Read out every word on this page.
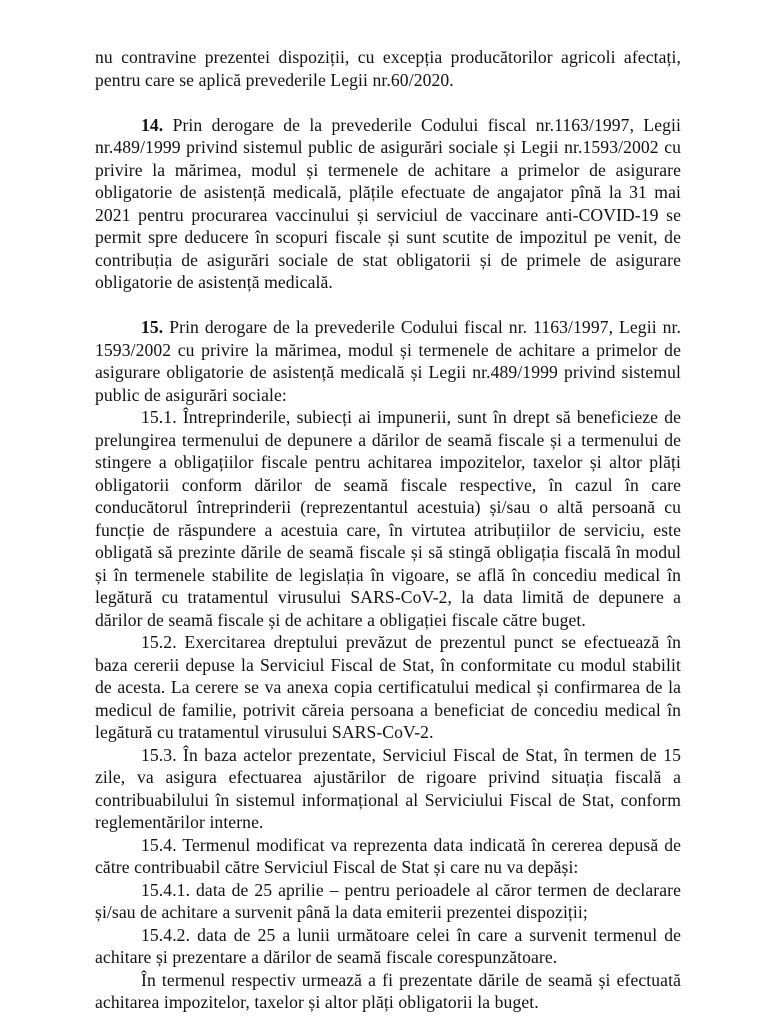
nu contravine prezentei dispoziții, cu excepția producătorilor agricoli afectați, pentru care se aplică prevederile Legii nr.60/2020.

14. Prin derogare de la prevederile Codului fiscal nr.1163/1997, Legii nr.489/1999 privind sistemul public de asigurări sociale și Legii nr.1593/2002 cu privire la mărimea, modul și termenele de achitare a primelor de asigurare obligatorie de asistență medicală, plățile efectuate de angajator pînă la 31 mai 2021 pentru procurarea vaccinului și serviciul de vaccinare anti-COVID-19 se permit spre deducere în scopuri fiscale și sunt scutite de impozitul pe venit, de contribuția de asigurări sociale de stat obligatorii și de primele de asigurare obligatorie de asistență medicală.

15. Prin derogare de la prevederile Codului fiscal nr. 1163/1997, Legii nr. 1593/2002 cu privire la mărimea, modul și termenele de achitare a primelor de asigurare obligatorie de asistență medicală și Legii nr.489/1999 privind sistemul public de asigurări sociale:

15.1. Întreprinderile, subiecți ai impunerii, sunt în drept să beneficieze de prelungirea termenului de depunere a dărilor de seamă fiscale și a termenului de stingere a obligațiilor fiscale pentru achitarea impozitelor, taxelor și altor plăți obligatorii conform dărilor de seamă fiscale respective, în cazul în care conducătorul întreprinderii (reprezentantul acestuia) și/sau o altă persoană cu funcție de răspundere a acestuia care, în virtutea atribuțiilor de serviciu, este obligată să prezinte dările de seamă fiscale și să stingă obligația fiscală în modul și în termenele stabilite de legislația în vigoare, se află în concediu medical în legătură cu tratamentul virusului SARS-CoV-2, la data limită de depunere a dărilor de seamă fiscale și de achitare a obligației fiscale către buget.

15.2. Exercitarea dreptului prevăzut de prezentul punct se efectuează în baza cererii depuse la Serviciul Fiscal de Stat, în conformitate cu modul stabilit de acesta. La cerere se va anexa copia certificatului medical și confirmarea de la medicul de familie, potrivit căreia persoana a beneficiat de concediu medical în legătură cu tratamentul virusului SARS-CoV-2.

15.3. În baza actelor prezentate, Serviciul Fiscal de Stat, în termen de 15 zile, va asigura efectuarea ajustărilor de rigoare privind situația fiscală a contribuabilului în sistemul informațional al Serviciului Fiscal de Stat, conform reglementărilor interne.

15.4. Termenul modificat va reprezenta data indicată în cererea depusă de către contribuabil către Serviciul Fiscal de Stat și care nu va depăși:

15.4.1. data de 25 aprilie – pentru perioadele al căror termen de declarare și/sau de achitare a survenit până la data emiterii prezentei dispoziții;

15.4.2. data de 25 a lunii următoare celei în care a survenit termenul de achitare și prezentare a dărilor de seamă fiscale corespunzătoare.

În termenul respectiv urmează a fi prezentate dările de seamă și efectuată achitarea impozitelor, taxelor și altor plăți obligatorii la buget.
